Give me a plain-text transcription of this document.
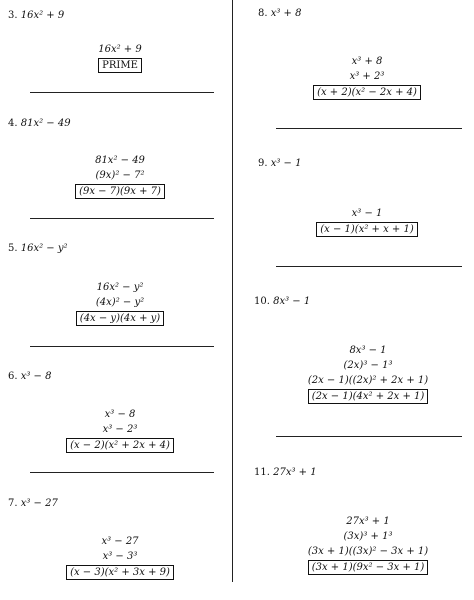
3. 16x² + 9
16x² + 9
PRIME
4. 81x² − 49
81x² − 49
(9x)² − 7²
(9x − 7)(9x + 7)
5. 16x² − y²
16x² − y²
(4x)² − y²
(4x − y)(4x + y)
6. x³ − 8
x³ − 8
x³ − 2³
(x − 2)(x² + 2x + 4)
7. x³ − 27
x³ − 27
x³ − 3³
(x − 3)(x² + 3x + 9)
8. x³ + 8
x³ + 8
x³ + 2³
(x + 2)(x² − 2x + 4)
9. x³ − 1
x³ − 1
(x − 1)(x² + x + 1)
10. 8x³ − 1
8x³ − 1
(2x)³ − 1³
(2x − 1)((2x)² + 2x + 1)
(2x − 1)(4x² + 2x + 1)
11. 27x³ + 1
27x³ + 1
(3x)³ + 1³
(3x + 1)((3x)² − 3x + 1)
(3x + 1)(9x² − 3x + 1)
